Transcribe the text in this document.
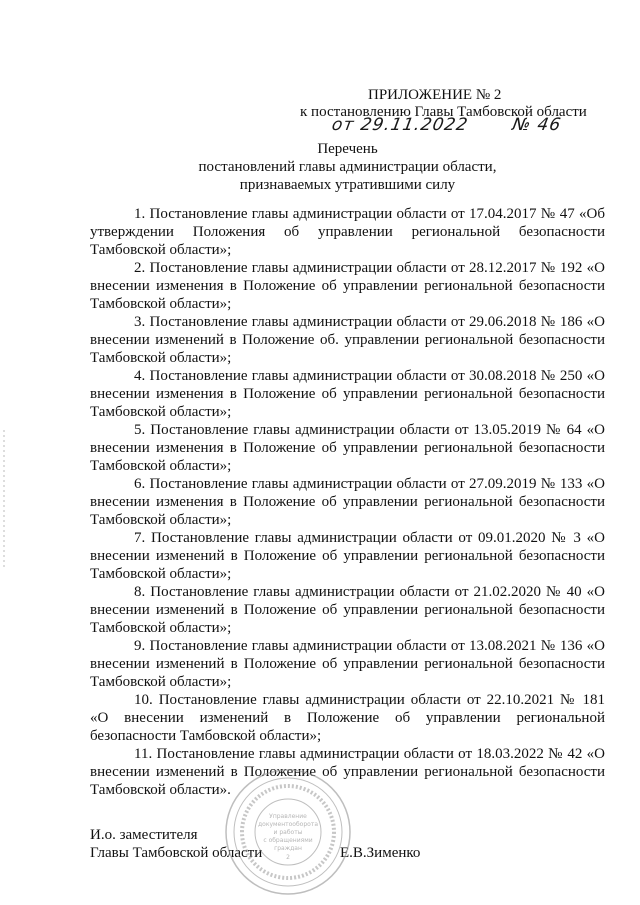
ПРИЛОЖЕНИЕ № 2
к постановлению Главы Тамбовской области
от 29.11.2022 № 46
Перечень
постановлений главы администрации области,
признаваемых утратившими силу
1. Постановление главы администрации области от 17.04.2017 № 47 «Об утверждении Положения об управлении региональной безопасности Тамбовской области»;
2. Постановление главы администрации области от 28.12.2017 № 192 «О внесении изменения в Положение об управлении региональной безопасности Тамбовской области»;
3. Постановление главы администрации области от 29.06.2018 № 186 «О внесении изменений в Положение об. управлении региональной безопасности Тамбовской области»;
4. Постановление главы администрации области от 30.08.2018 № 250 «О внесении изменения в Положение об управлении региональной безопасности Тамбовской области»;
5. Постановление главы администрации области от 13.05.2019 № 64 «О внесении изменения в Положение об управлении региональной безопасности Тамбовской области»;
6. Постановление главы администрации области от 27.09.2019 № 133 «О внесении изменения в Положение об управлении региональной безопасности Тамбовской области»;
7. Постановление главы администрации области от 09.01.2020 № 3 «О внесении изменений в Положение об управлении региональной безопасности Тамбовской области»;
8. Постановление главы администрации области от 21.02.2020 № 40 «О внесении изменений в Положение об управлении региональной безопасности Тамбовской области»;
9. Постановление главы администрации области от 13.08.2021 № 136 «О внесении изменений в Положение об управлении региональной безопасности Тамбовской области»;
10. Постановление главы администрации области от 22.10.2021 № 181 «О внесении изменений в Положение об управлении региональной безопасности Тамбовской области»;
11. Постановление главы администрации области от 18.03.2022 № 42 «О внесении изменений в Положение об управлении региональной безопасности Тамбовской области».
И.о. заместителя
Главы Тамбовской области	Е.В.Зименко
Управление
документооборота
и работы
с обращениями
граждан
2
